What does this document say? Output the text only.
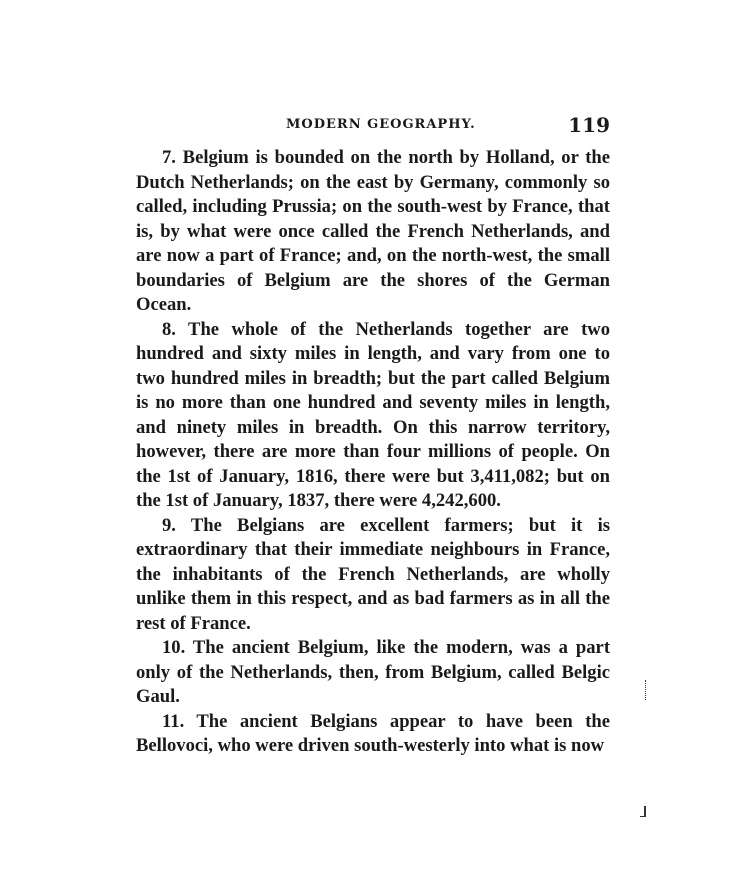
MODERN GEOGRAPHY.	119

7. Belgium is bounded on the north by Holland, or the Dutch Netherlands; on the east by Germany, commonly so called, including Prussia; on the south-west by France, that is, by what were once called the French Netherlands, and are now a part of France; and, on the north-west, the small boundaries of Belgium are the shores of the German Ocean.

8. The whole of the Netherlands together are two hundred and sixty miles in length, and vary from one to two hundred miles in breadth; but the part called Belgium is no more than one hundred and seventy miles in length, and ninety miles in breadth. On this narrow territory, however, there are more than four millions of people. On the 1st of January, 1816, there were but 3,411,082; but on the 1st of January, 1837, there were 4,242,600.

9. The Belgians are excellent farmers; but it is extraordinary that their immediate neighbours in France, the inhabitants of the French Netherlands, are wholly unlike them in this respect, and as bad farmers as in all the rest of France.

10. The ancient Belgium, like the modern, was a part only of the Netherlands, then, from Belgium, called Belgic Gaul.

11. The ancient Belgians appear to have been the Bellovoci, who were driven south-westerly into what is now
